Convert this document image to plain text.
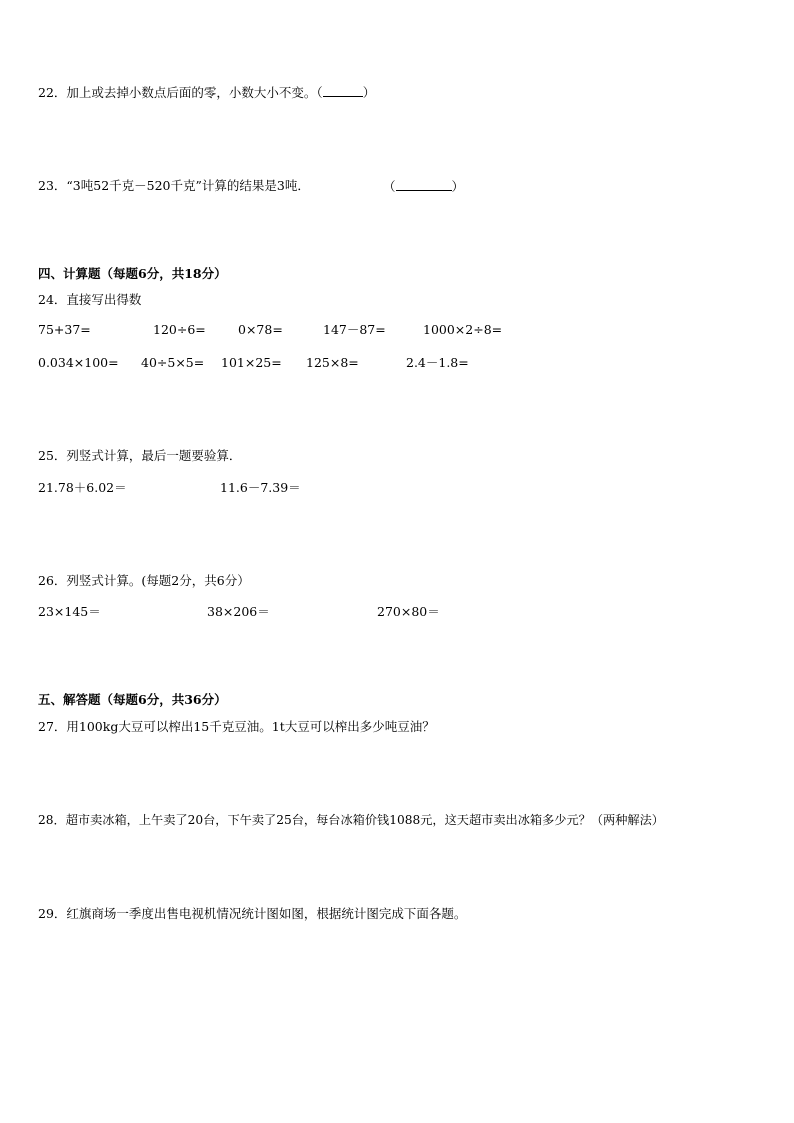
22．加上或去掉小数点后面的零，小数大小不变。（	）
23．“3吨52千克－520千克”计算的结果是3吨．	（	）
四、计算题（每题6分，共18分）
24．直接写出得数
75+37=	120÷6=	0×78=	147－87=	1000×2÷8=
0.034×100= 40÷5×5= 101×25= 125×8=	2.4－1.8=
25．列竖式计算，最后一题要验算．
21.78＋6.02＝	11.6－7.39＝
26．列竖式计算。(每题2分，共6分）
23×145＝	38×206＝	270×80＝
五、解答题（每题6分，共36分）
27．用100kg大豆可以榨出15千克豆油。1t大豆可以榨出多少吨豆油？
28．超市卖冰箱，上午卖了20台，下午卖了25台，每台冰箱价钱1088元，这天超市卖出冰箱多少元？（两种解法）
29．红旗商场一季度出售电视机情况统计图如图，根据统计图完成下面各题。
